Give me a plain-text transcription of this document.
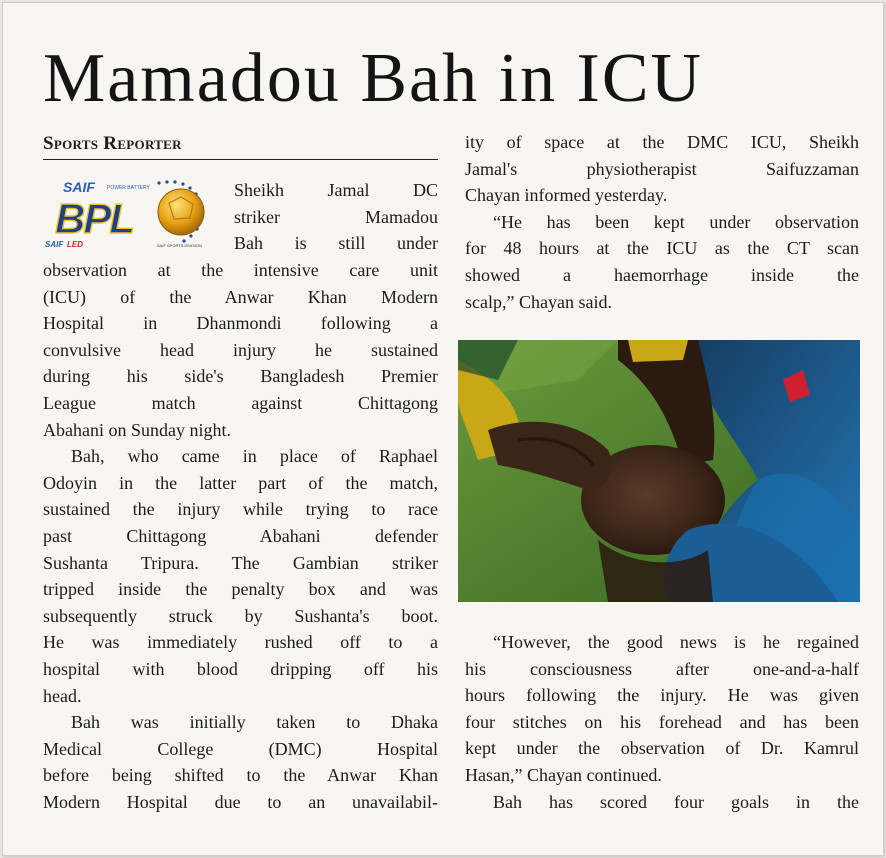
Mamadou Bah in ICU
Sports Reporter
SAIF POWER BATTERY
BPL
SAIF LED	SAIF SPORTS DIVISION
Sheikh Jamal DC
striker Mamadou
Bah is still under
observation at the intensive care unit
(ICU) of the Anwar Khan Modern
Hospital in Dhanmondi following a
convulsive head injury he sustained
during his side's Bangladesh Premier
League match against Chittagong
Abahani on Sunday night.
Bah, who came in place of Raphael
Odoyin in the latter part of the match,
sustained the injury while trying to race
past Chittagong Abahani defender
Sushanta Tripura. The Gambian striker
tripped inside the penalty box and was
subsequently struck by Sushanta's boot.
He was immediately rushed off to a
hospital with blood dripping off his
head.
Bah was initially taken to Dhaka
Medical College (DMC) Hospital
before being shifted to the Anwar Khan
Modern Hospital due to an unavailabil-
ity of space at the DMC ICU, Sheikh
Jamal's physiotherapist Saifuzzaman
Chayan informed yesterday.
“He has been kept under observation
for 48 hours at the ICU as the CT scan
showed a haemorrhage inside the
scalp,” Chayan said.
“However, the good news is he regained
his consciousness after one-and-a-half
hours following the injury. He was given
four stitches on his forehead and has been
kept under the observation of Dr. Kamrul
Hasan,” Chayan continued.
Bah has scored four goals in the
